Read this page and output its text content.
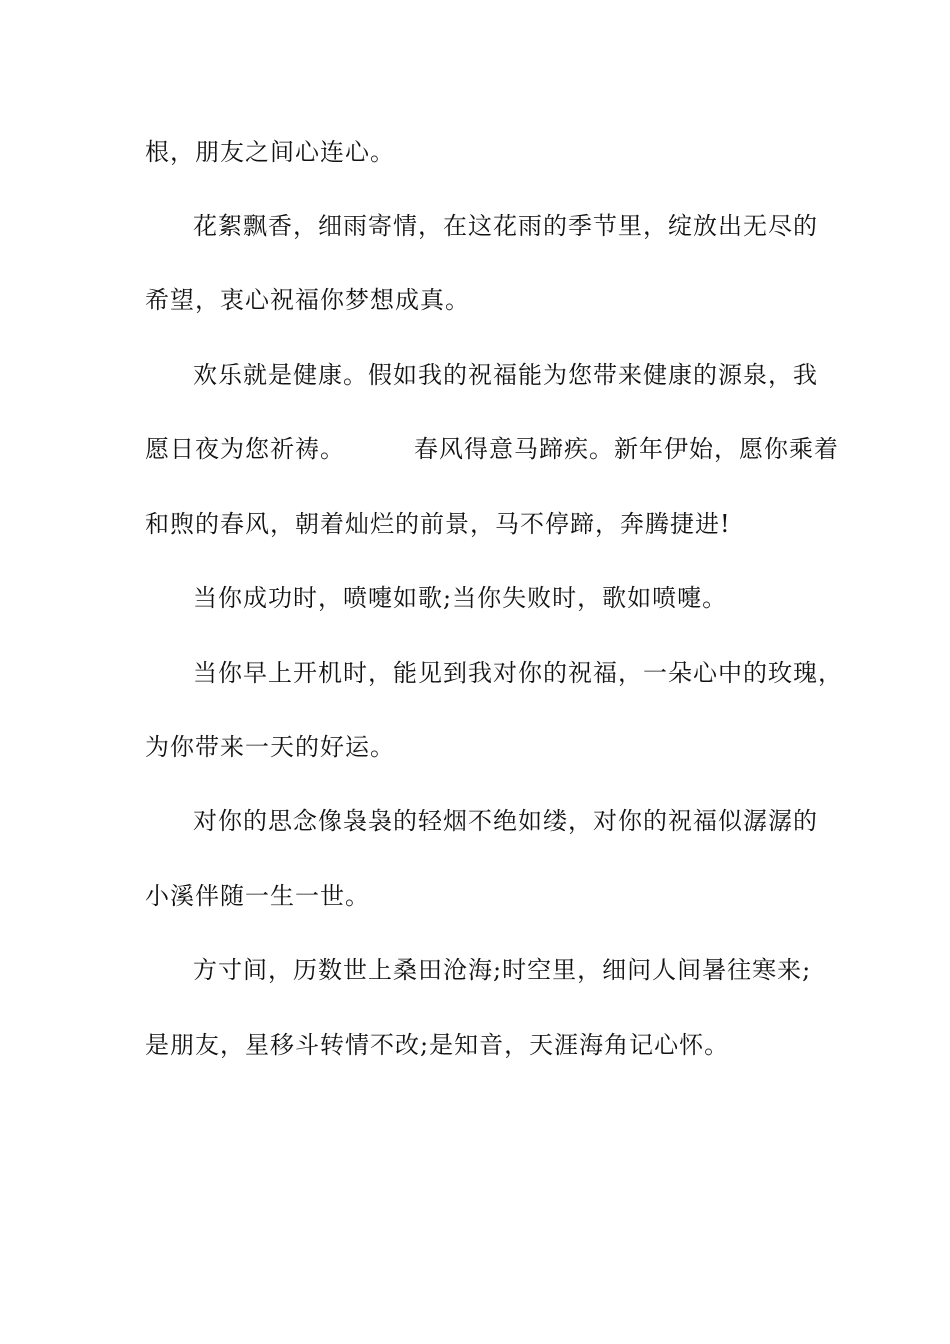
根，朋友之间心连心。
花絮飘香，细雨寄情，在这花雨的季节里，绽放出无尽的
希望，衷心祝福你梦想成真。
欢乐就是健康。假如我的祝福能为您带来健康的源泉，我
愿日夜为您祈祷。        春风得意马蹄疾。新年伊始，愿你乘着
和煦的春风，朝着灿烂的前景，马不停蹄，奔腾捷进!
当你成功时，喷嚏如歌;当你失败时，歌如喷嚏。
当你早上开机时，能见到我对你的祝福，一朵心中的玫瑰，
为你带来一天的好运。
对你的思念像袅袅的轻烟不绝如缕，对你的祝福似潺潺的
小溪伴随一生一世。
方寸间，历数世上桑田沧海;时空里，细问人间暑往寒来;
是朋友，星移斗转情不改;是知音，天涯海角记心怀。
